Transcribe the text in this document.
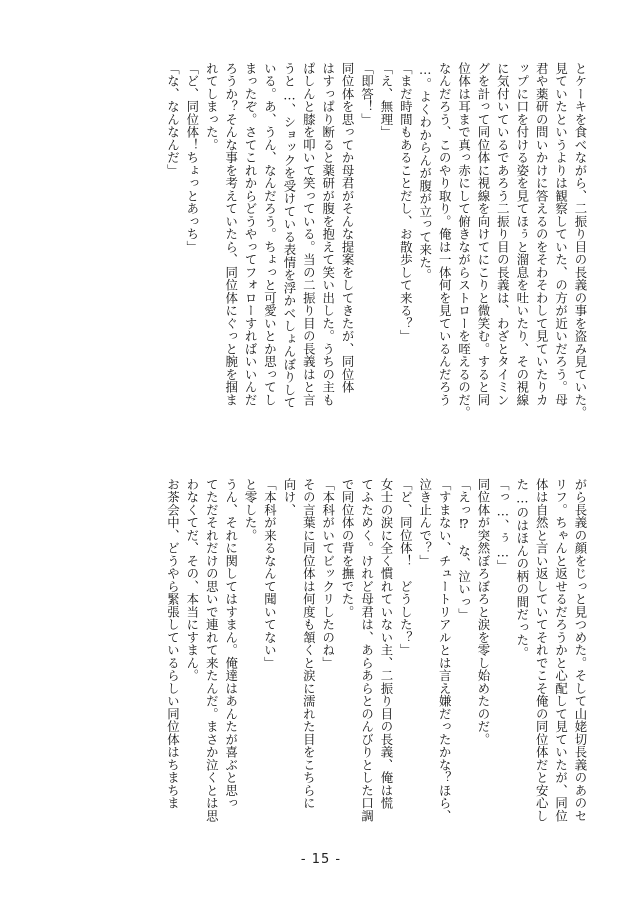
とケーキを食べながら、二振り目の長義の事を盗み見ていた。
見ていたというよりは観察していた、の方が近いだろう。母
君や薬研の問いかけに答えるのをそわそわして見ていたりカ
ップに口を付ける姿を見てほぅと溜息を吐いたり、その視線
に気付いているであろう二振り目の長義は、わざとタイミン
グを計って同位体に視線を向けてにこりと微笑む。すると同
位体は耳まで真っ赤にして俯きながらストローを咥えるのだ。
なんだろう、このやり取り。俺は一体何を見ているんだろう
…。よくわからんが腹が立って来た。
「まだ時間もあることだし、お散歩して来る？」
「え、無理」
「即答！」
同位体を思ってか母君がそんな提案をしてきたが、同位体
はすっぱり断ると薬研が腹を抱えて笑い出した。うちの主も
ぱしんと膝を叩いて笑っている。当の二振り目の長義はと言
うと…、ショックを受けている表情を浮かべしょんぼりして
いる。あ、うん、なんだろう。ちょっと可愛いとか思ってし
まったぞ。さてこれからどうやってフォローすればいいんだ
ろうか？そんな事を考えていたら、同位体にぐっと腕を掴ま
れてしまった。
「ど、同位体！ちょっとあっち」
「な、なんなんだ」
がら長義の顔をじっと見つめた。そして山姥切長義のあのセ
リフ。ちゃんと返せるだろうかと心配して見ていたが、同位
体は自然と言い返していてそれでこそ俺の同位体だと安心し
た…のはほんの柄の間だった。
「っ…、ぅ…」
同位体が突然ぼろぼろと涙を零し始めたのだ。
「えっ⁉　な、泣いっ」
「すまない、チュートリアルとは言え嫌だったかな？ほら、
泣き止んで？」
「ど、同位体！　どうした？」
女士の涙に全く慣れていない主、二振り目の長義、俺は慌
てふためく。けれど母君は、あらあらとのんびりとした口調
で同位体の背を撫でた。
「本科がいてビックリしたのね」
その言葉に同位体は何度も頷くと涙に濡れた目をこちらに
向け、
「本科が来るなんて聞いてない」
と零した。
うん、それに関してはすまん。俺達はあんたが喜ぶと思っ
てただそれだけの思いで連れて来たんだ。まさか泣くとは思
わなくてだ、その、本当にすまん。
お茶会中、どうやら緊張しているらしい同位体はちまちま
- 15 -
